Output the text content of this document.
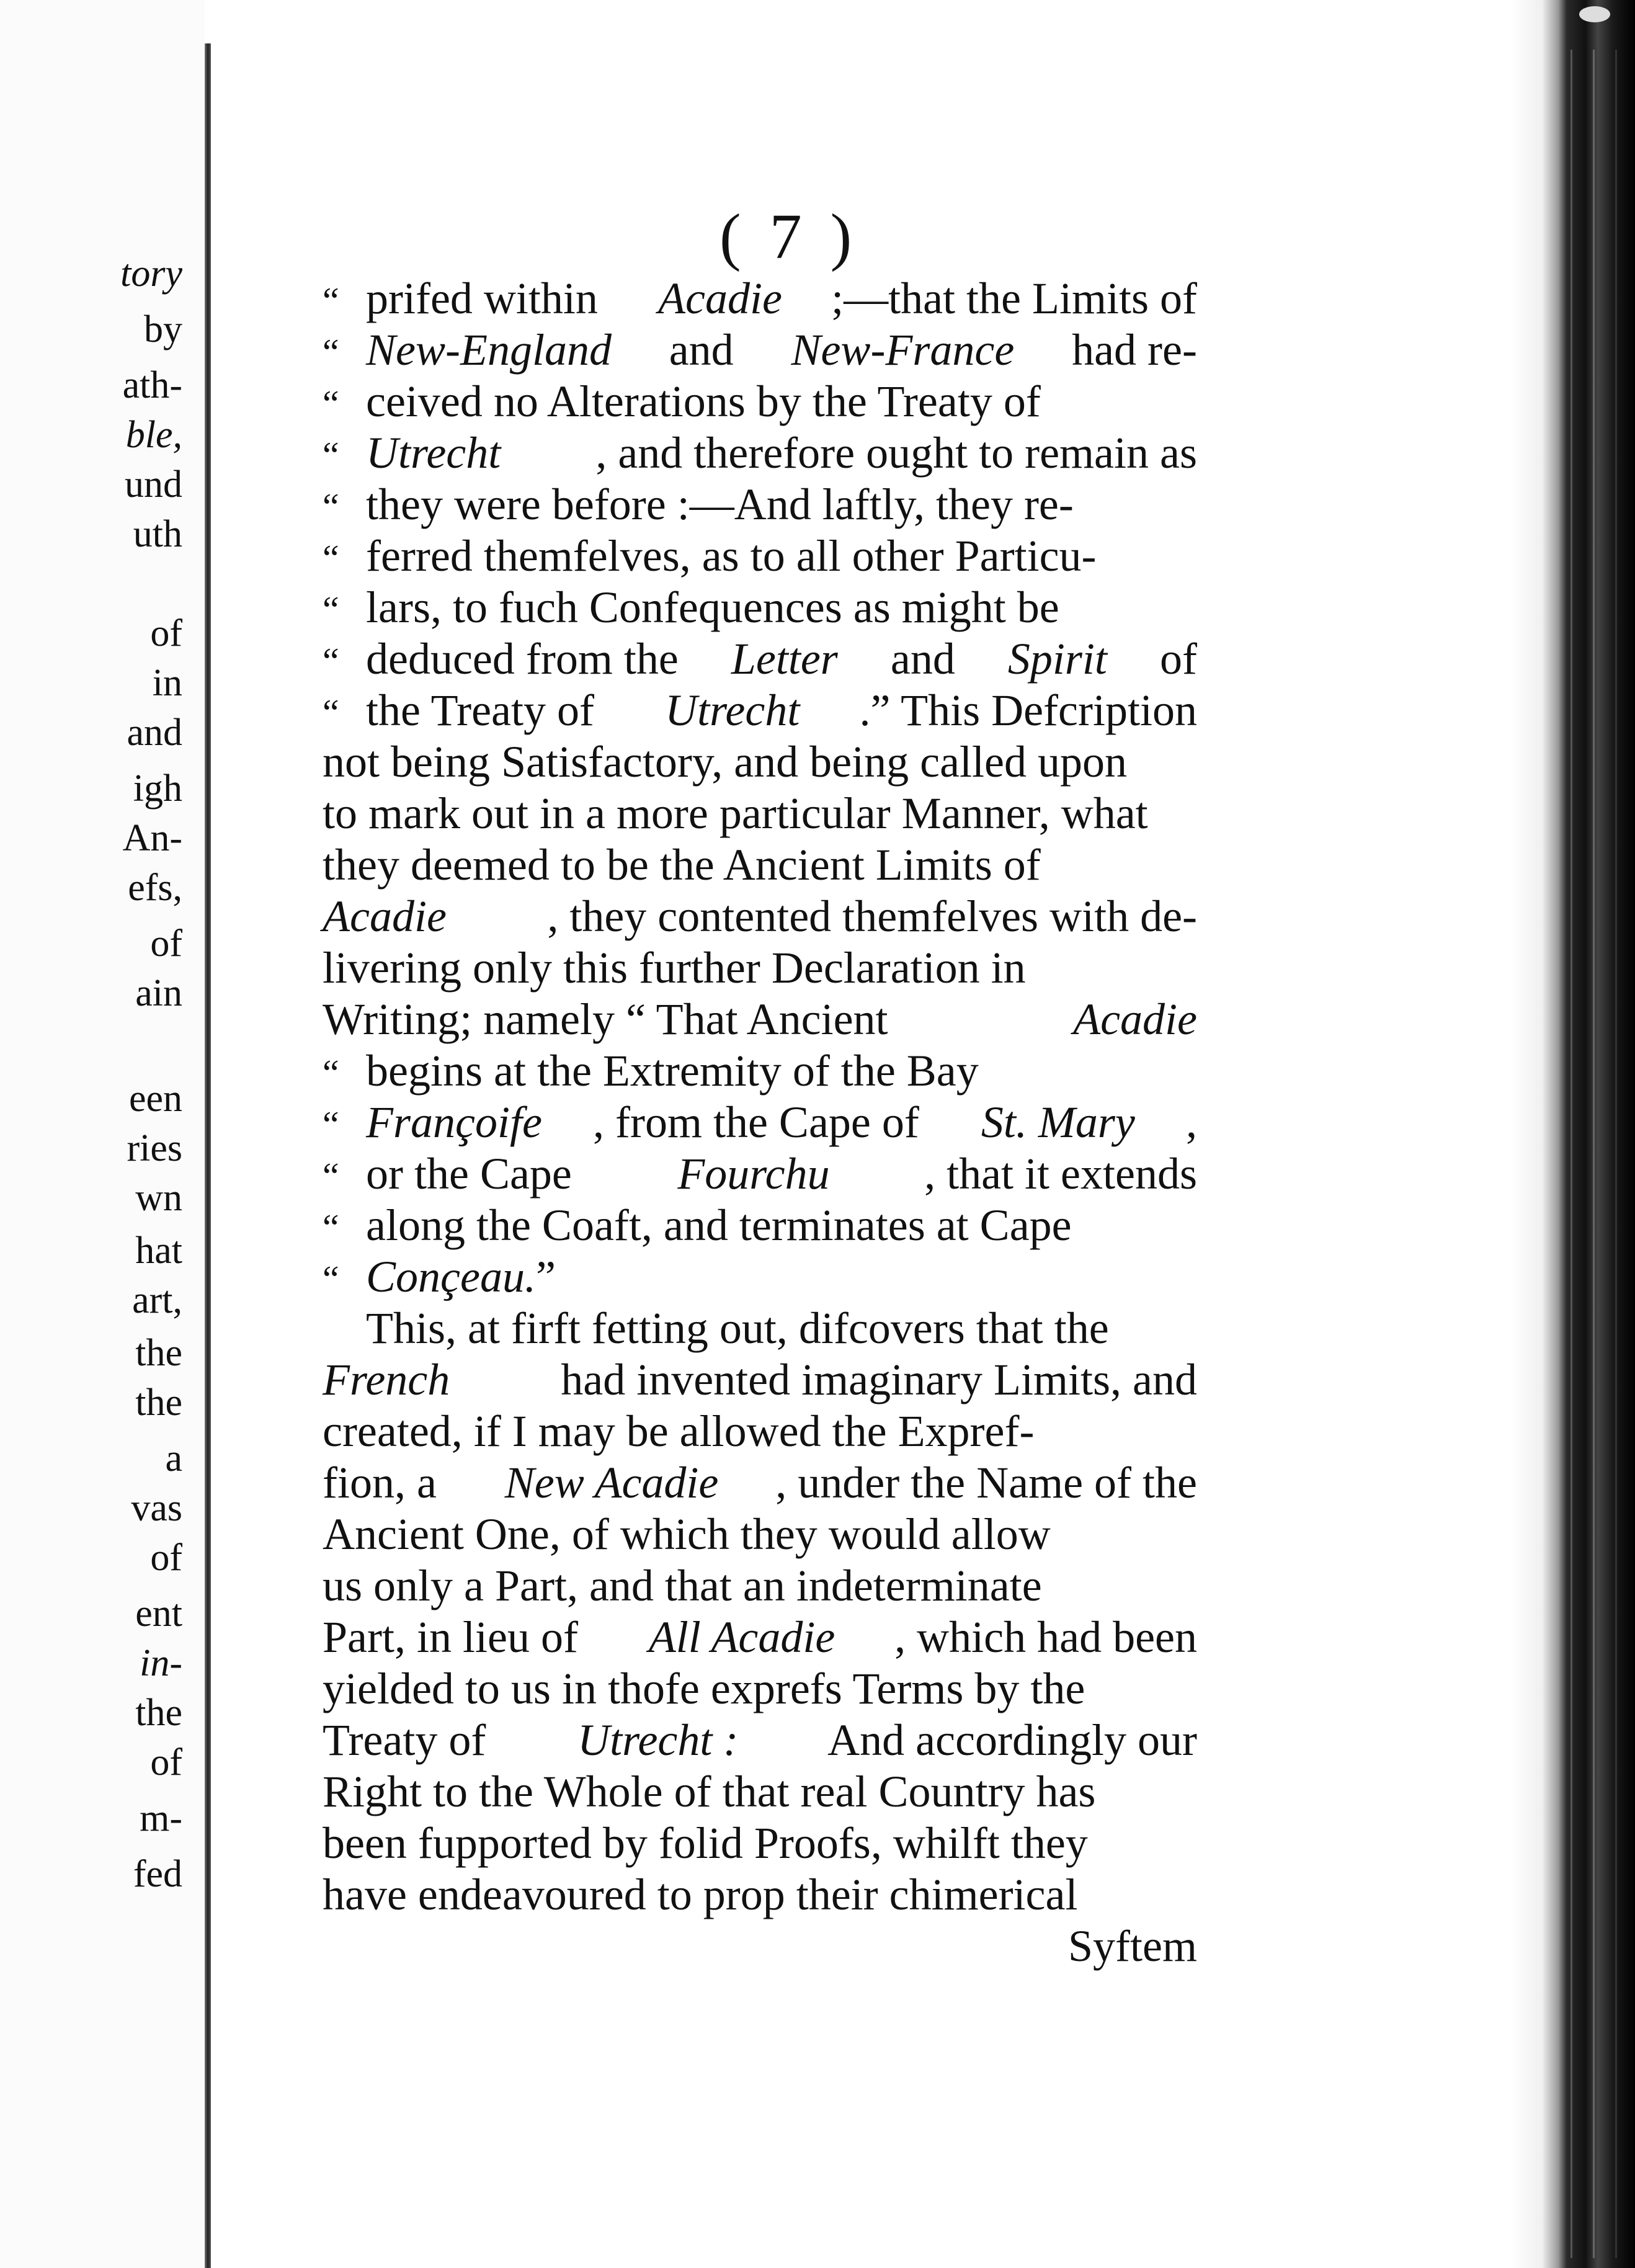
tory
by
ath-
ble,
und
uth
of
in
and
igh
An-
efs,
of
ain
een
ries
wn
hat
art,
the
the
a
vas
of
ent
in-
the
of
m-
fed
( 7 )
“ prifed within Acadie ;—that the Limits of
“ New-England and New-France had re-
“ ceived no Alterations by the Treaty of
“ Utrecht , and therefore ought to remain as
“ they were before :—And laftly, they re-
“ ferred themfelves, as to all other Particu-
“ lars, to fuch Confequences as might be
“ deduced from the Letter and Spirit of
“ the Treaty of Utrecht .” This Defcription
not being Satisfactory, and being called upon
to mark out in a more particular Manner, what
they deemed to be the Ancient Limits of
Acadie , they contented themfelves with de-
livering only this further Declaration in
Writing; namely “ That Ancient	Acadie
“ begins at the Extremity of the Bay
“ Françoife , from the Cape of St. Mary ,
“ or the Cape Fourchu , that it extends
“ along the Coaft, and terminates at Cape
“ Conçeau. ”
This, at firft fetting out, difcovers that the
French had invented imaginary Limits, and
created, if I may be allowed the Expref-
fion, a New Acadie , under the Name of the
Ancient One, of which they would allow
us only a Part, and that an indeterminate
Part, in lieu of All Acadie , which had been
yielded to us in thofe exprefs Terms by the
Treaty of Utrecht : And accordingly our
Right to the Whole of that real Country has
been fupported by folid Proofs, whilft they
have endeavoured to prop their chimerical
Syftem
